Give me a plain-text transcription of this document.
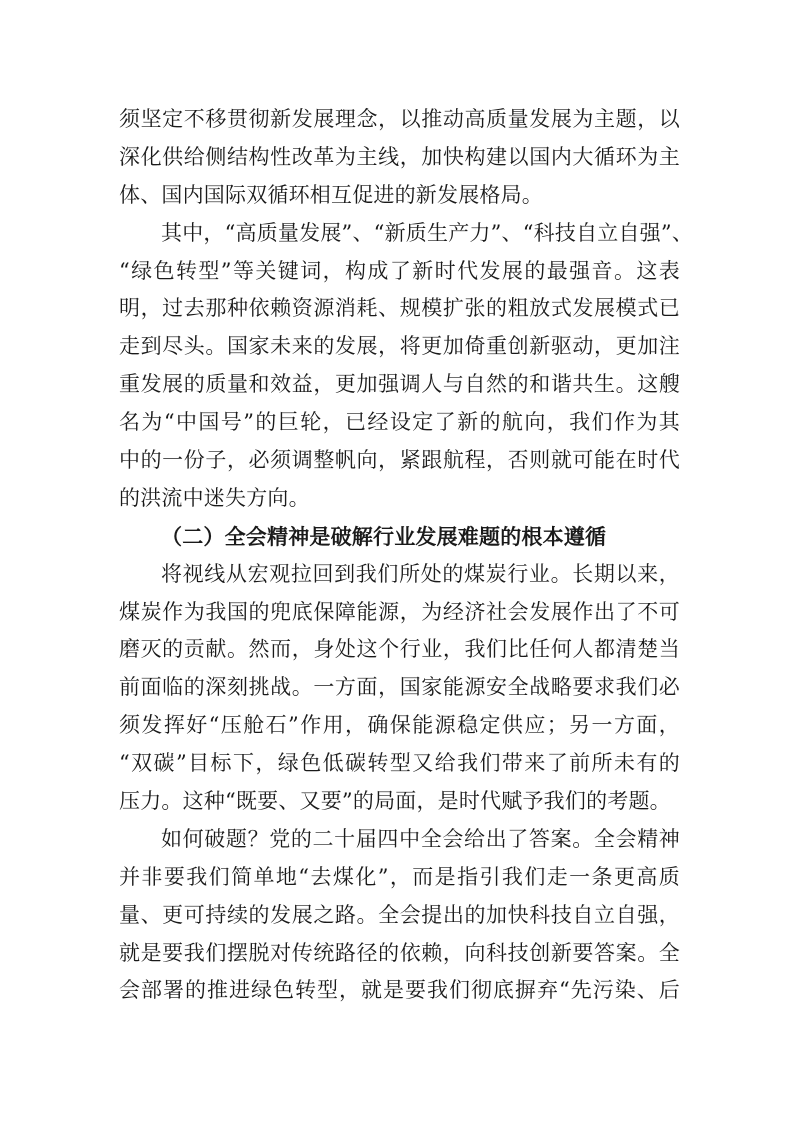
须坚定不移贯彻新发展理念，以推动高质量发展为主题，以
深化供给侧结构性改革为主线，加快构建以国内大循环为主
体、国内国际双循环相互促进的新发展格局。
其中，“高质量发展”、“新质生产力”、“科技自立自强”、
“绿色转型”等关键词，构成了新时代发展的最强音。这表
明，过去那种依赖资源消耗、规模扩张的粗放式发展模式已
走到尽头。国家未来的发展，将更加倚重创新驱动，更加注
重发展的质量和效益，更加强调人与自然的和谐共生。这艘
名为“中国号”的巨轮，已经设定了新的航向，我们作为其
中的一份子，必须调整帆向，紧跟航程，否则就可能在时代
的洪流中迷失方向。
（二）全会精神是破解行业发展难题的根本遵循
将视线从宏观拉回到我们所处的煤炭行业。长期以来，
煤炭作为我国的兜底保障能源，为经济社会发展作出了不可
磨灭的贡献。然而，身处这个行业，我们比任何人都清楚当
前面临的深刻挑战。一方面，国家能源安全战略要求我们必
须发挥好“压舱石”作用，确保能源稳定供应；另一方面，
“双碳”目标下，绿色低碳转型又给我们带来了前所未有的
压力。这种“既要、又要”的局面，是时代赋予我们的考题。
如何破题？党的二十届四中全会给出了答案。全会精神
并非要我们简单地“去煤化”，而是指引我们走一条更高质
量、更可持续的发展之路。全会提出的加快科技自立自强，
就是要我们摆脱对传统路径的依赖，向科技创新要答案。全
会部署的推进绿色转型，就是要我们彻底摒弃“先污染、后
